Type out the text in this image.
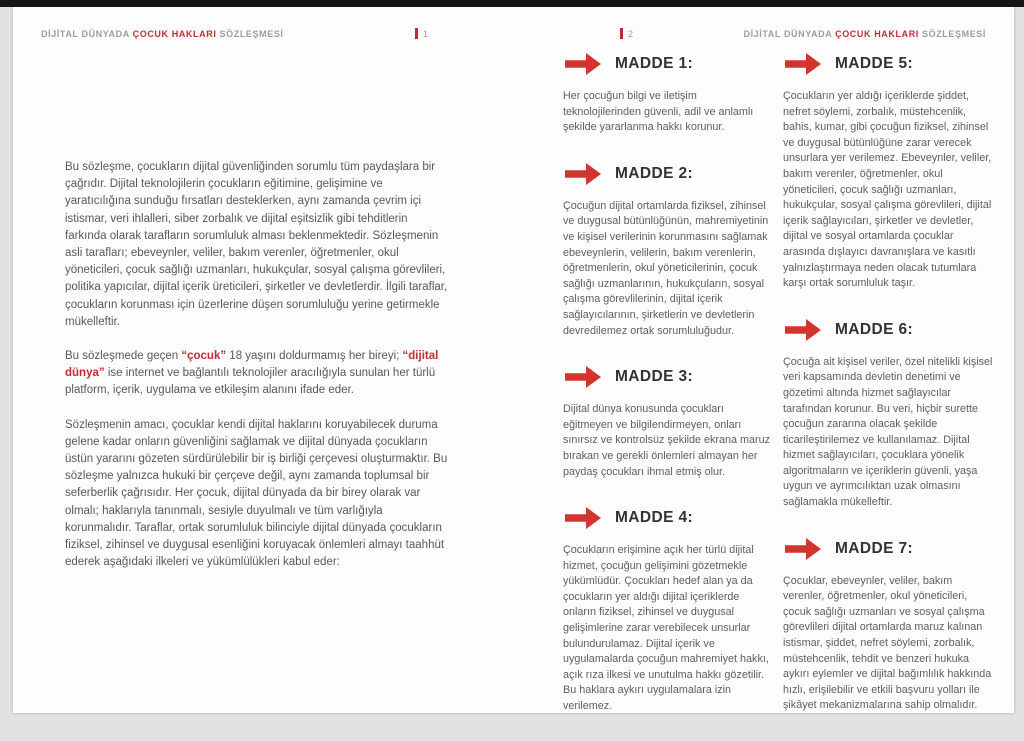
DİJİTAL DÜNYADA ÇOCUK HAKLARI SÖZLEŞMESİ	1

Bu sözleşme, çocukların dijital güvenliğinden sorumlu tüm paydaşlara bir çağrıdır. Dijital teknolojilerin çocukların eğitimine, gelişimine ve yaratıcılığına sunduğu fırsatları desteklerken, aynı zamanda çevrim içi istismar, veri ihlalleri, siber zorbalık ve dijital eşitsizlik gibi tehditlerin farkında olarak tarafların sorumluluk alması beklenmektedir. Sözleşmenin asli tarafları; ebeveynler, veliler, bakım verenler, öğretmenler, okul yöneticileri, çocuk sağlığı uzmanları, hukukçular, sosyal çalışma görevlileri, politika yapıcılar, dijital içerik üreticileri, şirketler ve devletlerdir. İlgili taraflar, çocukların korunması için üzerlerine düşen sorumluluğu yerine getirmekle mükelleftir.

Bu sözleşmede geçen “çocuk” 18 yaşını doldurmamış her bireyi; “dijital dünya” ise internet ve bağlantılı teknolojiler aracılığıyla sunulan her türlü platform, içerik, uygulama ve etkileşim alanını ifade eder.

Sözleşmenin amacı, çocuklar kendi dijital haklarını koruyabilecek duruma gelene kadar onların güvenliğini sağlamak ve dijital dünyada çocukların üstün yararını gözeten sürdürülebilir bir iş birliği çerçevesi oluşturmaktır. Bu sözleşme yalnızca hukuki bir çerçeve değil, aynı zamanda toplumsal bir seferberlik çağrısıdır. Her çocuk, dijital dünyada da bir birey olarak var olmalı; haklarıyla tanınmalı, sesiyle duyulmalı ve tüm varlığıyla korunmalıdır. Taraflar, ortak sorumluluk bilinciyle dijital dünyada çocukların fiziksel, zihinsel ve duygusal esenliğini koruyacak önlemleri almayı taahhüt ederek aşağıdaki ilkeleri ve yükümlülükleri kabul eder:

2	DİJİTAL DÜNYADA ÇOCUK HAKLARI SÖZLEŞMESİ
MADDE 1:

Her çocuğun bilgi ve iletişim teknolojilerinden güvenli, adil ve anlamlı şekilde yararlanma hakkı korunur.

MADDE 2:

Çocuğun dijital ortamlarda fiziksel, zihinsel ve duygusal bütünlüğünün, mahremiyetinin ve kişisel verilerinin korunmasını sağlamak ebeveynlerin, velilerin, bakım verenlerin, öğretmenlerin, okul yöneticilerinin, çocuk sağlığı uzmanlarının, hukukçuların, sosyal çalışma görevlilerinin, dijital içerik sağlayıcılarının, şirketlerin ve devletlerin devredilemez ortak sorumluluğudur.

MADDE 3:

Dijital dünya konusunda çocukları eğitmeyen ve bilgilendirmeyen, onları sınırsız ve kontrolsüz şekilde ekrana maruz bırakan ve gerekli önlemleri almayan her paydaş çocukları ihmal etmiş olur.

MADDE 4:

Çocukların erişimine açık her türlü dijital hizmet, çocuğun gelişimini gözetmekle yükümlüdür. Çocukları hedef alan ya da çocukların yer aldığı dijital içeriklerde onların fiziksel, zihinsel ve duygusal gelişimlerine zarar verebilecek unsurlar bulundurulamaz. Dijital içerik ve uygulamalarda çocuğun mahremiyet hakkı, açık rıza ilkesi ve unutulma hakkı gözetilir. Bu haklara aykırı uygulamalara izin verilemez.

MADDE 5:

Çocukların yer aldığı içeriklerde şiddet, nefret söylemi, zorbalık, müstehcenlik, bahis, kumar, gibi çocuğun fiziksel, zihinsel ve duygusal bütünlüğüne zarar verecek unsurlara yer verilemez. Ebeveynler, veliler, bakım verenler, öğretmenler, okul yöneticileri, çocuk sağlığı uzmanları, hukukçular, sosyal çalışma görevlileri, dijital içerik sağlayıcıları, şirketler ve devletler, dijital ve sosyal ortamlarda çocuklar arasında dışlayıcı davranışlara ve kasıtlı yalnızlaştırmaya neden olacak tutumlara karşı ortak sorumluluk taşır.

MADDE 6:

Çocuğa ait kişisel veriler, özel nitelikli kişisel veri kapsamında devletin denetimi ve gözetimi altında hizmet sağlayıcılar tarafından korunur. Bu veri, hiçbir surette çocuğun zararına olacak şekilde ticarileştirilemez ve kullanılamaz. Dijital hizmet sağlayıcıları, çocuklara yönelik algoritmaların ve içeriklerin güvenli, yaşa uygun ve ayrımcılıktan uzak olmasını sağlamakla mükelleftir.

MADDE 7:

Çocuklar, ebeveynler, veliler, bakım verenler, öğretmenler, okul yöneticileri, çocuk sağlığı uzmanları ve sosyal çalışma görevlileri dijital ortamlarda maruz kalınan istismar, şiddet, nefret söylemi, zorbalık, müstehcenlik, tehdit ve benzeri hukuka aykırı eylemler ve dijital bağımlılık hakkında hızlı, erişilebilir ve etkili başvuru yolları ile şikâyet mekanizmalarına sahip olmalıdır.
